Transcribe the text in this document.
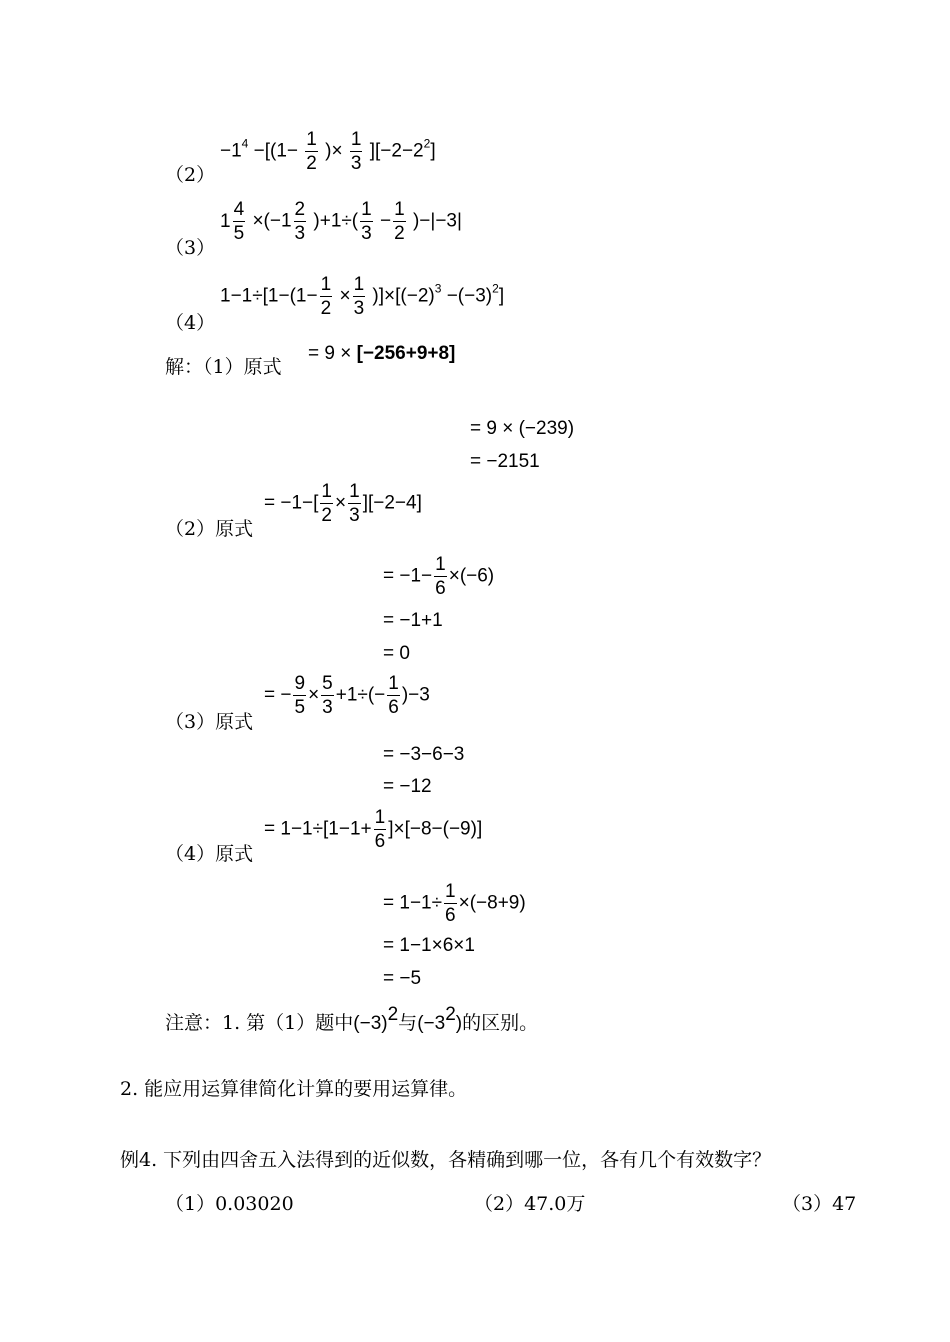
（2）
$-1^4 -[(1- \frac{1}{2}$ )× $\frac{1}{3} ][-2-2^2]$
（3）
$1 \frac{4}{5} \times(-1 \frac{2}{3} )+1\div( \frac{1}{3} - \frac{1}{2} )-|-3|$
（4）
$1-1\div[1-(1- \frac{1}{2} \times \frac{1}{3} )]\times[(-2)^3 -(-3)^2]$
解：（1）原式
= 9 × [−256+9+8]
= 9 × (−239)
= −2151
（2）原式
= $-1-[ \frac{1}{2} \times \frac{1}{3} ][-2-4]$
= $-1- \frac{1}{6} \times(-6)$
= −1+1
= 0
（3）原式
= − $\frac{9}{5} \times \frac{5}{3} +1\div(- \frac{1}{6} )-3$
= −3−6−3
= −12
（4）原式
= $1-1\div[1-1+ \frac{1}{6} ]\times[-8-(-9)]$
= $1-1\div \frac{1}{6} \times(-8+9)$
= 1−1×6×1
= −5
注意：1. 第（1）题中$(-3)^2$与$(-3^2)$的区别。
2. 能应用运算律简化计算的要用运算律。
例4. 下列由四舍五入法得到的近似数，各精确到哪一位，各有几个有效数字？
（1）0.03020	（2）47.0万	（3）47
